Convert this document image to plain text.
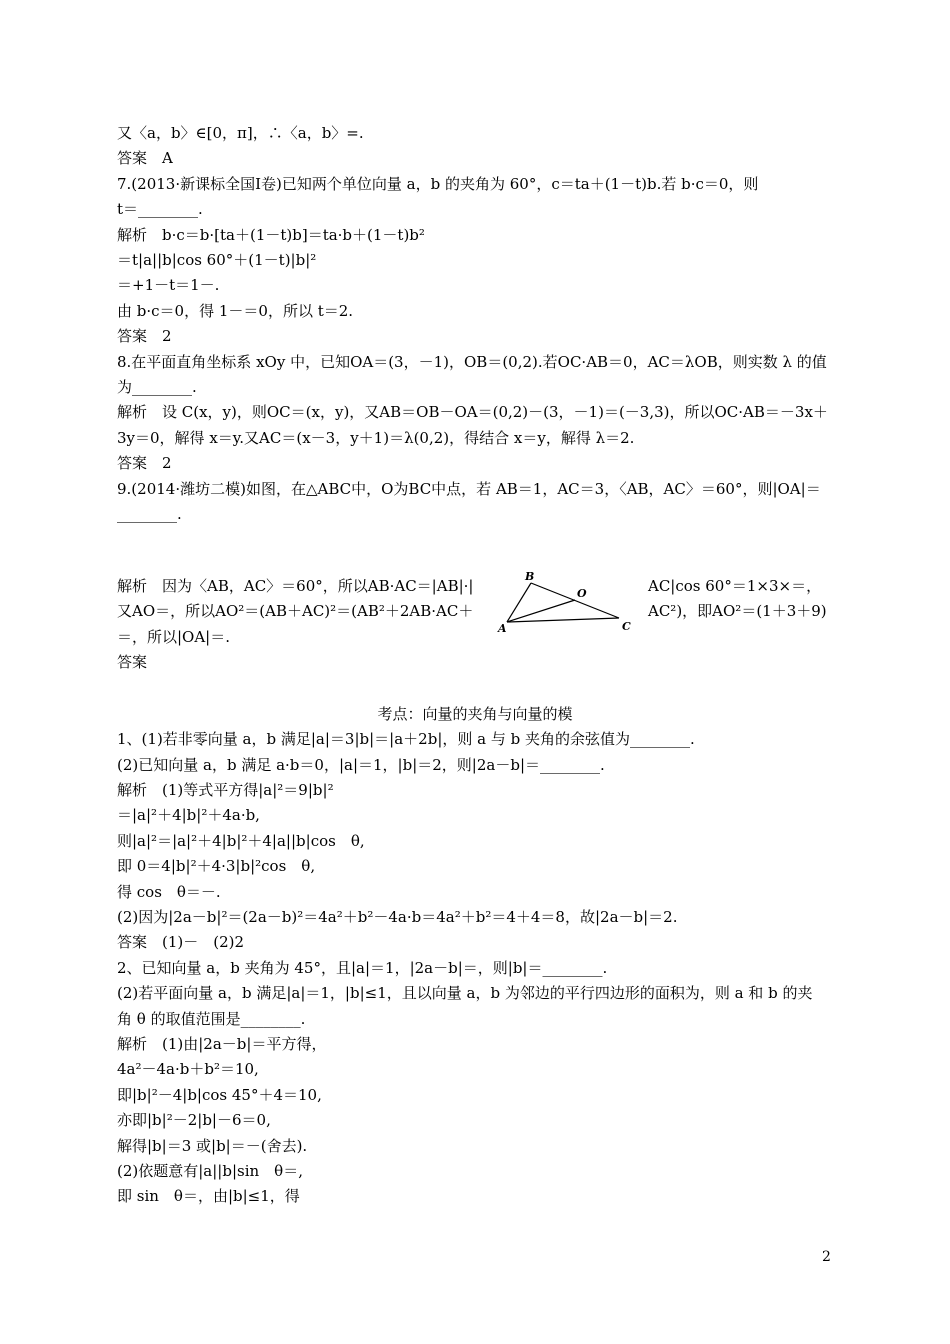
又〈a，b〉∈[0，π]，∴〈a，b〉=.
答案　A
7.(2013·新课标全国Ⅰ卷)已知两个单位向量 a，b 的夹角为 60°，c＝ta＋(1－t)b.若 b·c＝0，则
t＝________.
解析　b·c＝b·[ta＋(1－t)b]＝ta·b＋(1－t)b²
＝t|a||b|cos 60°＋(1－t)|b|²
＝+1－t＝1－.
由 b·c＝0，得 1－＝0，所以 t＝2.
答案　2
8.在平面直角坐标系 xOy 中，已知OA＝(3，－1)，OB＝(0,2).若OC·AB＝0，AC＝λOB，则实数 λ 的值
为________.
解析　设 C(x，y)，则OC＝(x，y)，又AB＝OB－OA＝(0,2)－(3，－1)＝(－3,3)，所以OC·AB＝－3x＋
3y＝0，解得 x＝y.又AC＝(x－3，y＋1)＝λ(0,2)，得结合 x＝y，解得 λ＝2.
答案　2
9.(2014·潍坊二模)如图，在△ABC中，O为BC中点，若 AB＝1，AC＝3，〈AB，AC〉＝60°，则|OA|＝
________.
解析　因为〈AB，AC〉＝60°，所以AB·AC＝|AB|·|
又AO＝，所以AO²＝(AB＋AC)²＝(AB²＋2AB·AC＋
＝，所以|OA|＝.
答案
AC|cos 60°＝1×3×＝，
AC²)，即AO²＝(1＋3＋9)
B
A	C
O
考点：向量的夹角与向量的模
1、(1)若非零向量 a，b 满足|a|＝3|b|＝|a＋2b|，则 a 与 b 夹角的余弦值为________.
(2)已知向量 a，b 满足 a·b＝0，|a|＝1，|b|＝2，则|2a－b|＝________.
解析　(1)等式平方得|a|²＝9|b|²
＝|a|²＋4|b|²＋4a·b,
则|a|²＝|a|²＋4|b|²＋4|a||b|cos　θ,
即 0＝4|b|²＋4·3|b|²cos　θ,
得 cos　θ＝－.
(2)因为|2a－b|²＝(2a－b)²＝4a²＋b²－4a·b＝4a²＋b²＝4＋4＝8，故|2a－b|＝2.
答案　(1)－　(2)2
2、已知向量 a，b 夹角为 45°，且|a|＝1，|2a－b|＝，则|b|＝________.
(2)若平面向量 a，b 满足|a|＝1，|b|≤1，且以向量 a，b 为邻边的平行四边形的面积为，则 a 和 b 的夹
角 θ 的取值范围是________.
解析　(1)由|2a－b|＝平方得，
4a²－4a·b＋b²＝10,
即|b|²－4|b|cos 45°＋4＝10,
亦即|b|²－2|b|－6＝0,
解得|b|＝3 或|b|＝－(舍去).
(2)依题意有|a||b|sin　θ＝,
即 sin　θ＝，由|b|≤1，得
2
